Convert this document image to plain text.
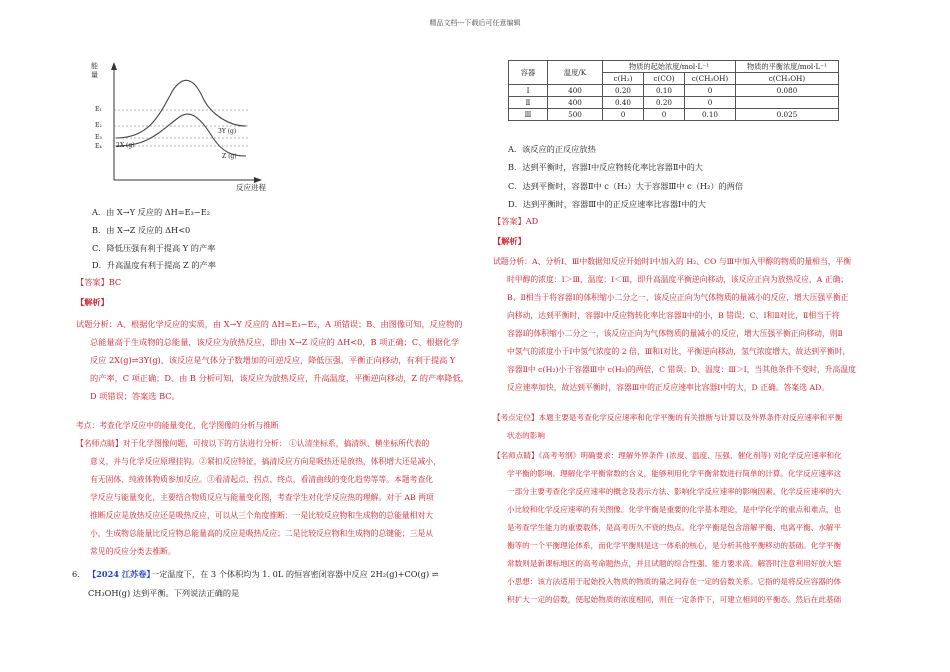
精品文档---下载后可任意编辑
能
量
E₁
E₂
E₃
E₄
3Y (g)
2X (g)
Z (g)
反应进程
A．由 X→Y 反应的 ΔH=E₃−E₂
B．由 X→Z 反应的 ΔH<0
C．降低压强有利于提高 Y 的产率
D．升高温度有利于提高 Z 的产率
【答案】BC
【解析】
试题分析：A、根据化学反应的实质，由 X→Y 反应的 ΔH=E₃−E₂，A 项错误；B、由图像可知，反应物的
总能量高于生成物的总能量，该反应为放热反应，即由 X→Z 反应的 ΔH<0，B 项正确；C、根据化学
反应 2X(g)⇌3Y(g)，该反应是气体分子数增加的可逆反应，降低压强，平衡正向移动，有利于提高 Y
的产率，C 项正确；D、由 B 分析可知，该反应为放热反应，升高温度，平衡逆向移动，Z 的产率降低，
D 项错误；答案选 BC。
考点：考查化学反应中的能量变化，化学图像的分析与推断
【名师点睛】对于化学图像问题，可按以下的方法进行分析： ①认清坐标系，搞清纵、横坐标所代表的
意义，并与化学反应原理挂钩。②紧扣反应特征，搞清反应方向是吸热还是放热，体积增大还是减小，
有无固体、纯液体物质参加反应。③看清起点、拐点、终点，看清曲线的变化趋势等等。本题考查化
学反应与能量变化，主要结合物质反应与能量变化图，考查学生对化学反应热的理解。对于 AB 两项
推断反应是放热反应还是吸热反应，可以从三个角度推断：一是比较反应物和生成物的总能量相对大
小，生成物总能量比反应物总能量高的反应是吸热反应；二是比较反应物和生成物的总键能；三是从
常见的反应分类去推断。
6. 【2024 江苏卷】
一定温度下，在 3 个体积均为 1. 0L 的恒容密闭容器中反应 2H₂(g)+CO(g) ⇌
CH₃OH(g) 达到平衡。下列说法正确的是
容器	温度/K	物质的起始浓度/mol·L⁻¹			物质的平衡浓度/mol·L⁻¹
		c(H₂)	c(CO)	c(CH₃OH)	c(CH₃OH)
Ⅰ	400	0.20	0.10	0	0.080
Ⅱ	400	0.40	0.20	0	
Ⅲ	500	0	0	0.10	0.025
A．该反应的正反应放热
B．达到平衡时，容器Ⅰ中反应物转化率比容器Ⅱ中的大
C．达到平衡时，容器Ⅱ中 c（H₂）大于容器Ⅲ中 c（H₂）的两倍
D．达到平衡时，容器Ⅲ中的正反应速率比容器Ⅰ中的大
【答案】AD
【解析】
试题分析：A、分析Ⅰ、Ⅲ中数据知反应开始时Ⅰ中加入的 H₂、CO 与Ⅲ中加入甲醇的物质的量相当，平衡
时甲醇的浓度：Ⅰ＞Ⅲ，温度：Ⅰ＜Ⅲ，即升高温度平衡逆向移动，该反应正向为放热反应，A 正确；
B、Ⅱ相当于将容器Ⅰ的体积缩小二分之一，该反应正向为气体物质的量减小的反应，增大压强平衡正
向移动，达到平衡时，容器Ⅰ中反应物转化率比容器Ⅱ中的小，B 错误；C、Ⅰ和Ⅱ对比，Ⅱ相当于将
容器Ⅰ的体积缩小二分之一，该反应正向为气体物质的量减小的反应，增大压强平衡正向移动，则Ⅱ
中氢气的浓度小于Ⅰ中氢气浓度的 2 倍，Ⅲ和Ⅰ对比，平衡逆向移动，氢气浓度增大，故达到平衡时，
容器Ⅱ中 c(H₂)小于容器Ⅲ中 c(H₂)的两倍，C 错误；D、温度：Ⅲ＞Ⅰ，当其他条件不变时，升高温度
反应速率加快，故达到平衡时，容器Ⅲ中的正反应速率比容器Ⅰ中的大，D 正确。答案选 AD。
【考点定位】本题主要是考查化学反应速率和化学平衡的有关推断与计算以及外界条件对反应速率和平衡
状态的影响
【名师点睛】《高考考纲》明确要求：理解外界条件 (浓度、温度、压强、催化剂等) 对化学反应速率和化
学平衡的影响。理解化学平衡常数的含义，能够利用化学平衡常数进行简单的计算。化学反应速率这
一部分主要考查化学反应速率的概念及表示方法、影响化学反应速率的影响因素。化学反应速率的大
小比较和化学反应速率的有关图像。化学平衡是重要的化学基本理论，是中学化学的重点和难点，也
是考查学生能力的重要载体，是高考历久不衰的热点。化学平衡是包含溶解平衡、电离平衡、水解平
衡等的一个平衡理论体系，而化学平衡则是这一体系的核心，是分析其他平衡移动的基础。化学平衡
常数则是新课标地区的高考命题热点，并且试题的综合性强、能力要求高。解答时注意利用好放大缩
小思想：该方法适用于起始投入物质的物质的量之间存在一定的倍数关系。它指的是将反应容器的体
积扩大一定的倍数，使起始物质的浓度相同，则在一定条件下，可建立相同的平衡态。然后在此基础
